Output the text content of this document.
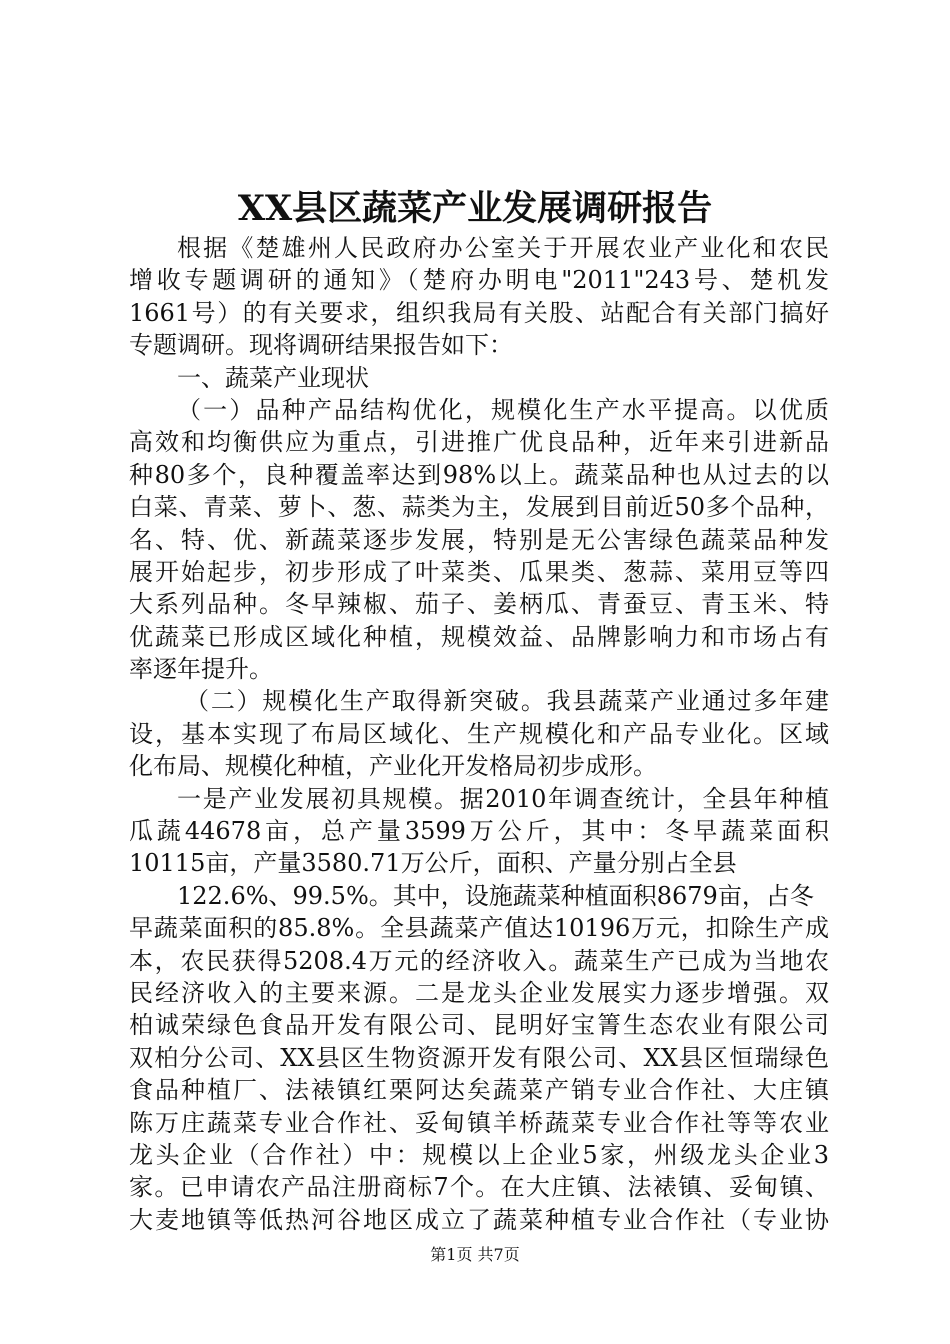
XX县区蔬菜产业发展调研报告
根据《楚雄州人民政府办公室关于开展农业产业化和农民
增收专题调研的通知》（楚府办明电"2011"243号、楚机发
1661号）的有关要求，组织我局有关股、站配合有关部门搞好
专题调研。现将调研结果报告如下：
一、蔬菜产业现状
（一）品种产品结构优化，规模化生产水平提高。以优质
高效和均衡供应为重点，引进推广优良品种，近年来引进新品
种80多个，良种覆盖率达到98%以上。蔬菜品种也从过去的以
白菜、青菜、萝卜、葱、蒜类为主，发展到目前近50多个品种，
名、特、优、新蔬菜逐步发展，特别是无公害绿色蔬菜品种发
展开始起步，初步形成了叶菜类、瓜果类、葱蒜、菜用豆等四
大系列品种。冬早辣椒、茄子、姜柄瓜、青蚕豆、青玉米、特
优蔬菜已形成区域化种植，规模效益、品牌影响力和市场占有
率逐年提升。
（二）规模化生产取得新突破。我县蔬菜产业通过多年建
设，基本实现了布局区域化、生产规模化和产品专业化。区域
化布局、规模化种植，产业化开发格局初步成形。
一是产业发展初具规模。据2010年调查统计，全县年种植
瓜蔬44678亩，总产量3599万公斤，其中：冬早蔬菜面积
10115亩，产量3580.71万公斤，面积、产量分别占全县
122.6%、99.5%。其中，设施蔬菜种植面积8679亩，占冬
早蔬菜面积的85.8%。全县蔬菜产值达10196万元，扣除生产成
本，农民获得5208.4万元的经济收入。蔬菜生产已成为当地农
民经济收入的主要来源。二是龙头企业发展实力逐步增强。双
柏诚荣绿色食品开发有限公司、昆明好宝箐生态农业有限公司
双柏分公司、XX县区生物资源开发有限公司、XX县区恒瑞绿色
食品种植厂、法裱镇红栗阿达矣蔬菜产销专业合作社、大庄镇
陈万庄蔬菜专业合作社、妥甸镇羊桥蔬菜专业合作社等等农业
龙头企业（合作社）中：规模以上企业5家，州级龙头企业3
家。已申请农产品注册商标7个。在大庄镇、法裱镇、妥甸镇、
大麦地镇等低热河谷地区成立了蔬菜种植专业合作社（专业协
第1页 共7页
